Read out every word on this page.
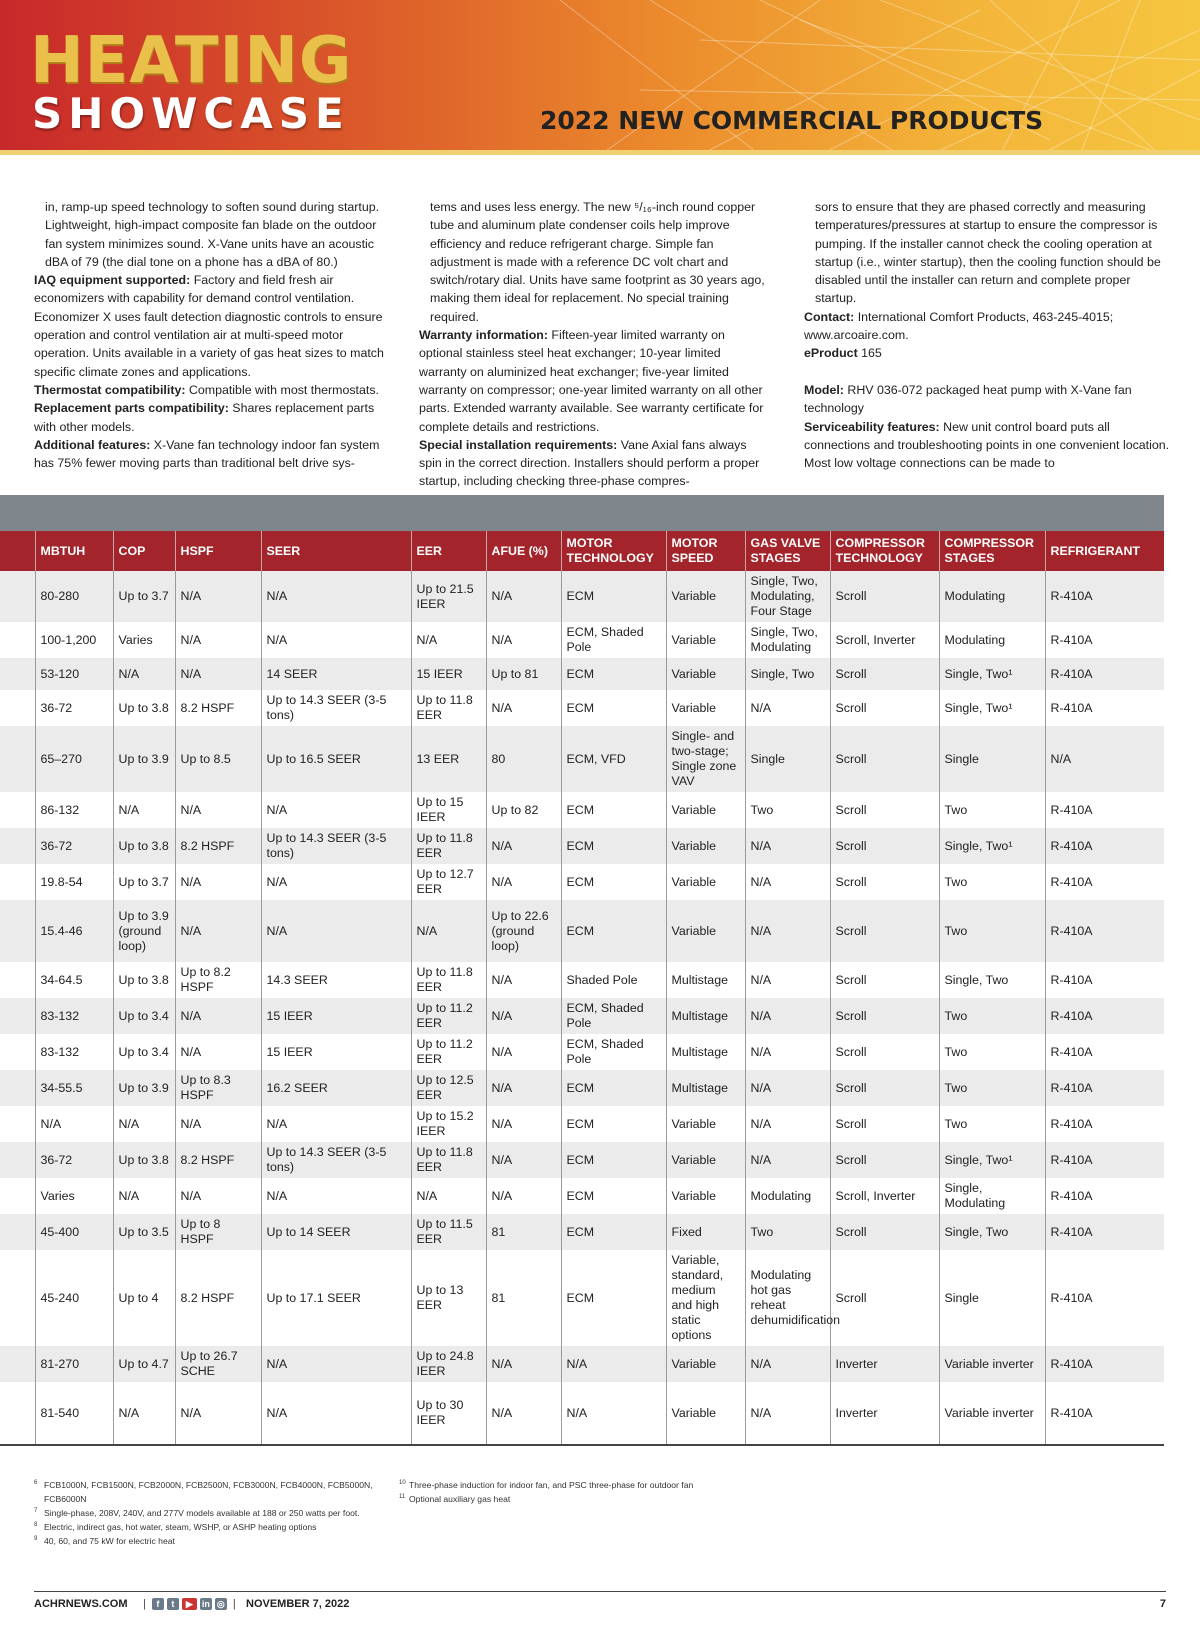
HEATING
SHOWCASE	2022 NEW COMMERCIAL PRODUCTS

in, ramp-up speed technology to soften sound during startup. Lightweight, high-impact composite fan blade on the outdoor fan system minimizes sound. X-Vane units have an acoustic dBA of 79 (the dial tone on a phone has a dBA of 80.)

IAQ equipment supported: Factory and field fresh air economizers with capability for demand control ventilation. Economizer X uses fault detection diagnostic controls to ensure operation and control ventilation air at multi-speed motor operation. Units available in a variety of gas heat sizes to match specific climate zones and applications.

Thermostat compatibility: Compatible with most thermostats.

Replacement parts compatibility: Shares replacement parts with other models.

Additional features: X-Vane fan technology indoor fan system has 75% fewer moving parts than traditional belt drive sys-

tems and uses less energy. The new ⁵/₁₆-inch round copper tube and aluminum plate condenser coils help improve efficiency and reduce refrigerant charge. Simple fan adjustment is made with a reference DC volt chart and switch/rotary dial. Units have same footprint as 30 years ago, making them ideal for replacement. No special training required.

Warranty information: Fifteen-year limited warranty on optional stainless steel heat exchanger; 10-year limited warranty on aluminized heat exchanger; five-year limited warranty on compressor; one-year limited warranty on all other parts. Extended warranty available. See warranty certificate for complete details and restrictions.

Special installation requirements: Vane Axial fans always spin in the correct direction. Installers should perform a proper startup, including checking three-phase compres-

sors to ensure that they are phased correctly and measuring temperatures/pressures at startup to ensure the compressor is pumping. If the installer cannot check the cooling operation at startup (i.e., winter startup), then the cooling function should be disabled until the installer can return and complete proper startup.

Contact: International Comfort Products, 463-245-4015; www.arcoaire.com.

eProduct 165

Model: RHV 036-072 packaged heat pump with X-Vane fan technology

Serviceability features: New unit control board puts all connections and troubleshooting points in one convenient location. Most low voltage connections can be made to

	MBTUH	COP	HSPF	SEER	EER	AFUE (%)	MOTOR TECHNOLOGY	MOTOR SPEED	GAS VALVE STAGES	COMPRESSOR TECHNOLOGY	COMPRESSOR STAGES	REFRIGERANT
	80-280	Up to 3.7	N/A	N/A	Up to 21.5 IEER	N/A	ECM	Variable	Single, Two, Modulating, Four Stage	Scroll	Modulating	R-410A
	100-1,200	Varies	N/A	N/A	N/A	N/A	ECM, Shaded Pole	Variable	Single, Two, Modulating	Scroll, Inverter	Modulating	R-410A
	53-120	N/A	N/A	14 SEER	15 IEER	Up to 81	ECM	Variable	Single, Two	Scroll	Single, Two¹	R-410A
	36-72	Up to 3.8	8.2 HSPF	Up to 14.3 SEER (3-5 tons)	Up to 11.8 EER	N/A	ECM	Variable	N/A	Scroll	Single, Two¹	R-410A
	65–270	Up to 3.9	Up to 8.5	Up to 16.5 SEER	13 EER	80	ECM, VFD	Single- and two-stage; Single zone VAV	Single	Scroll	Single	N/A
	86-132	N/A	N/A	N/A	Up to 15 IEER	Up to 82	ECM	Variable	Two	Scroll	Two	R-410A
	36-72	Up to 3.8	8.2 HSPF	Up to 14.3 SEER (3-5 tons)	Up to 11.8 EER	N/A	ECM	Variable	N/A	Scroll	Single, Two¹	R-410A
	19.8-54	Up to 3.7	N/A	N/A	Up to 12.7 EER	N/A	ECM	Variable	N/A	Scroll	Two	R-410A
	15.4-46	Up to 3.9 (ground loop)	N/A	N/A	N/A	Up to 22.6 (ground loop)	ECM	Variable	N/A	Scroll	Two	R-410A
	34-64.5	Up to 3.8	Up to 8.2 HSPF	14.3 SEER	Up to 11.8 EER	N/A	Shaded Pole	Multistage	N/A	Scroll	Single, Two	R-410A
	83-132	Up to 3.4	N/A	15 IEER	Up to 11.2 EER	N/A	ECM, Shaded Pole	Multistage	N/A	Scroll	Two	R-410A
	83-132	Up to 3.4	N/A	15 IEER	Up to 11.2 EER	N/A	ECM, Shaded Pole	Multistage	N/A	Scroll	Two	R-410A
	34-55.5	Up to 3.9	Up to 8.3 HSPF	16.2 SEER	Up to 12.5 EER	N/A	ECM	Multistage	N/A	Scroll	Two	R-410A
	N/A	N/A	N/A	N/A	Up to 15.2 IEER	N/A	ECM	Variable	N/A	Scroll	Two	R-410A
	36-72	Up to 3.8	8.2 HSPF	Up to 14.3 SEER (3-5 tons)	Up to 11.8 EER	N/A	ECM	Variable	N/A	Scroll	Single, Two¹	R-410A
	Varies	N/A	N/A	N/A	N/A	N/A	ECM	Variable	Modulating	Scroll, Inverter	Single, Modulating	R-410A
	45-400	Up to 3.5	Up to 8 HSPF	Up to 14 SEER	Up to 11.5 EER	81	ECM	Fixed	Two	Scroll	Single, Two	R-410A
	45-240	Up to 4	8.2 HSPF	Up to 17.1 SEER	Up to 13 EER	81	ECM	Variable, standard, medium and high static options	Modulating hot gas reheat dehumidification	Scroll	Single	R-410A
	81-270	Up to 4.7	Up to 26.7 SCHE	N/A	Up to 24.8 IEER	N/A	N/A	Variable	N/A	Inverter	Variable inverter	R-410A
	81-540	N/A	N/A	N/A	Up to 30 IEER	N/A	N/A	Variable	N/A	Inverter	Variable inverter	R-410A
6 FCB1000N, FCB1500N, FCB2000N, FCB2500N, FCB3000N, FCB4000N, FCB5000N, FCB6000N
7 Single-phase, 208V, 240V, and 277V models available at 188 or 250 watts per foot.
8 Electric, indirect gas, hot water, steam, WSHP, or ASHP heating options
9 40, 60, and 75 kW for electric heat
10 Three-phase induction for indoor fan, and PSC three-phase for outdoor fan
11 Optional auxiliary gas heat
ACHRNEWS.COM |	f	t	▶	in ◎ | NOVEMBER 7, 2022	7
